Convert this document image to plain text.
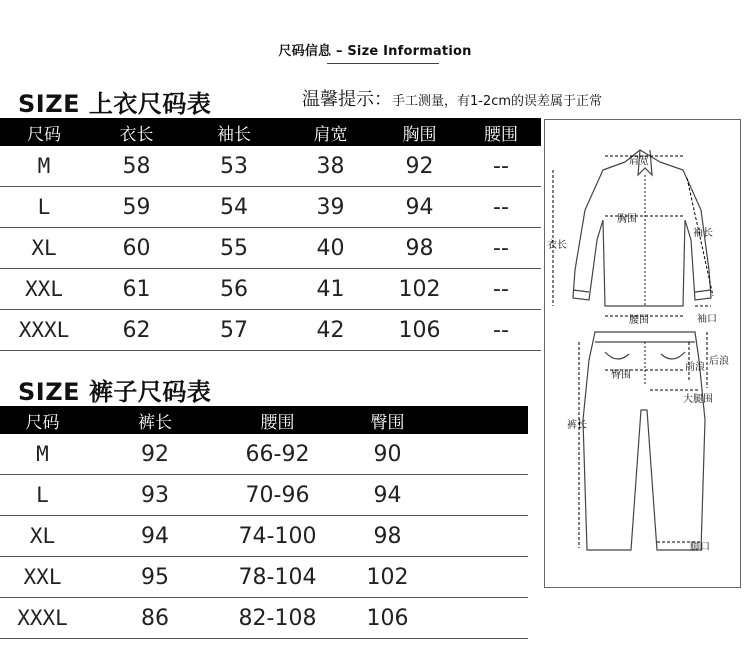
尺码信息 – Size Information
SIZE 上衣尺码表	温馨提示：手工测量，有1-2cm的误差属于正常
尺码	衣长	袖长	肩宽	胸围	腰围
M	58	53	38	92	--
L	59	54	39	94	--
XL	60	55	40	98	--
XXL	61	56	41	102	--
XXXL	62	57	42	106	--
SIZE 裤子尺码表
尺码	裤长	腰围	臀围	
M	92	66-92	90	
L	93	70-96	94	
XL	94	74-100	98	
XXL	95	78-104	102	
XXXL	86	82-108	106	
肩宽
胸围
衣长
袖长
腰围	袖口
前浪
后浪
臀围
大腿围
裤长
脚口
